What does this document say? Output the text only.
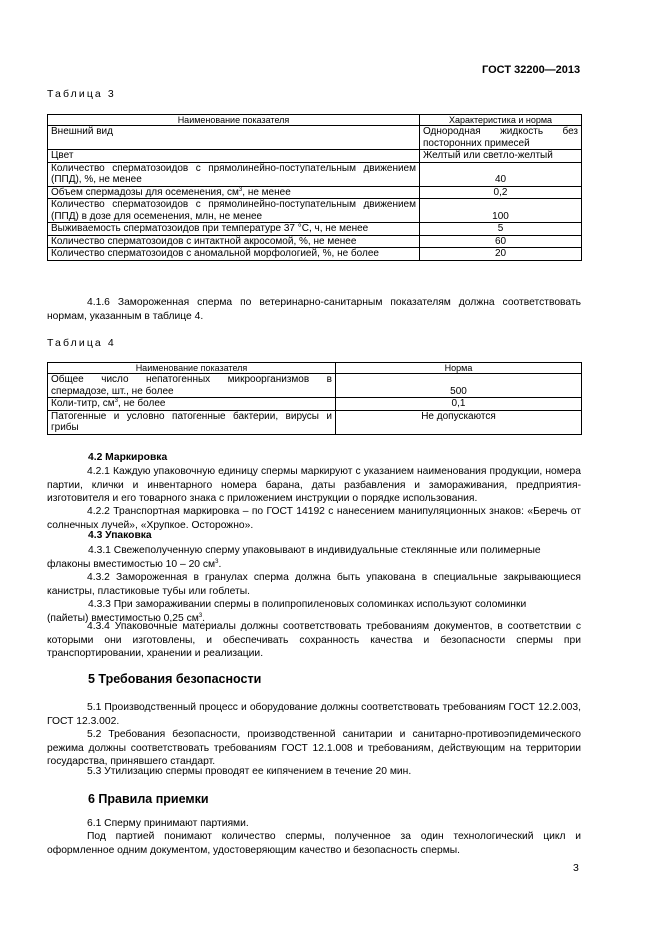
ГОСТ 32200—2013
Таблица 3
Наименование показателя	Характеристика и норма
Внешний вид	Однородная жидкость без посторонних примесей
Цвет	Желтый или светло-желтый
Количество сперматозоидов с прямолинейно-поступательным движением (ППД), %, не менее	40
Объем спермадозы для осеменения, $см^3$, не менее	0,2
Количество сперматозоидов с прямолинейно-поступательным движением (ППД) в дозе для осеменения, млн, не менее	100
Выживаемость сперматозоидов при температуре 37 °С, ч, не менее	5
Количество сперматозоидов с интактной акросомой, %, не менее	60
Количество сперматозоидов с аномальной морфологией, %, не более	20
4.1.6 Замороженная сперма по ветеринарно-санитарным показателям должна соответствовать нормам, указанным в таблице 4.
Таблица 4
Наименование показателя	Норма
Общее число непатогенных микроорганизмов в спермадозе, шт., не более	500
Коли-титр, $см^3$, не более	0,1
Патогенные и условно патогенные бактерии, вирусы и грибы	Не допускаются
4.2 Маркировка
4.2.1 Каждую упаковочную единицу спермы маркируют с указанием наименования продукции, номера партии, клички и инвентарного номера барана, даты разбавления и замораживания, предприятия-изготовителя и его товарного знака с приложением инструкции о порядке использования.
4.2.2 Транспортная маркировка – по ГОСТ 14192 с нанесением манипуляционных знаков: «Беречь от солнечных лучей», «Хрупкое. Осторожно».
4.3 Упаковка
4.3.1 Свежеполученную сперму упаковывают в индивидуальные стеклянные или полимерные
флаконы вместимостью 10 – 20 $см^3$.
4.3.2 Замороженная в гранулах сперма должна быть упакована в специальные закрывающиеся канистры, пластиковые тубы или гоблеты.
4.3.3 При замораживании спермы в полипропиленовых соломинках используют соломинки
(пайеты) вместимостью 0,25 $см^3$.
4.3.4 Упаковочные материалы должны соответствовать требованиям документов, в соответствии с которыми они изготовлены, и обеспечивать сохранность качества и безопасности спермы при транспортировании, хранении и реализации.
5 Требования безопасности
5.1 Производственный процесс и оборудование должны соответствовать требованиям ГОСТ 12.2.003, ГОСТ 12.3.002.
5.2 Требования безопасности, производственной санитарии и санитарно-противоэпидемического режима должны соответствовать требованиям ГОСТ 12.1.008 и требованиям, действующим на территории государства, принявшего стандарт.
5.3 Утилизацию спермы проводят ее кипячением в течение 20 мин.
6 Правила приемки
6.1 Сперму принимают партиями.
Под партией понимают количество спермы, полученное за один технологический цикл и оформленное одним документом, удостоверяющим качество и безопасность спермы.
3
